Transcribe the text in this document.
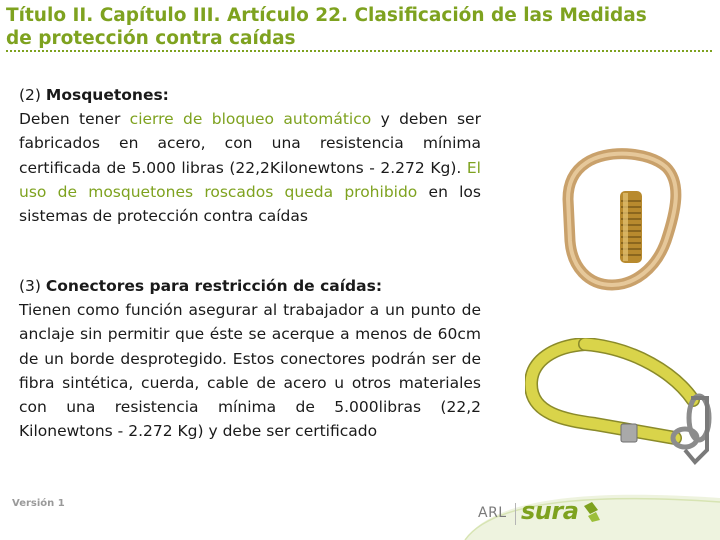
Título II. Capítulo III. Artículo 22. Clasificación de las Medidas

de protección contra caídas
(2) Mosquetones:
Deben tener cierre de bloqueo automático y deben ser fabricados en acero, con una resistencia mínima certificada de 5.000 libras (22,2Kilonewtons - 2.272 Kg). El uso de mosquetones roscados queda prohibido en los sistemas de protección contra caídas
(3) Conectores para restricción de caídas:
Tienen como función asegurar al trabajador a un punto de anclaje sin permitir que éste se acerque a menos de 60cm de un borde desprotegido. Estos conectores podrán ser de fibra sintética, cuerda, cable de acero u otros materiales con una resistencia mínima de 5.000libras (22,2 Kilonewtons - 2.272 Kg) y debe ser certificado
Versión 1
ARL sura
